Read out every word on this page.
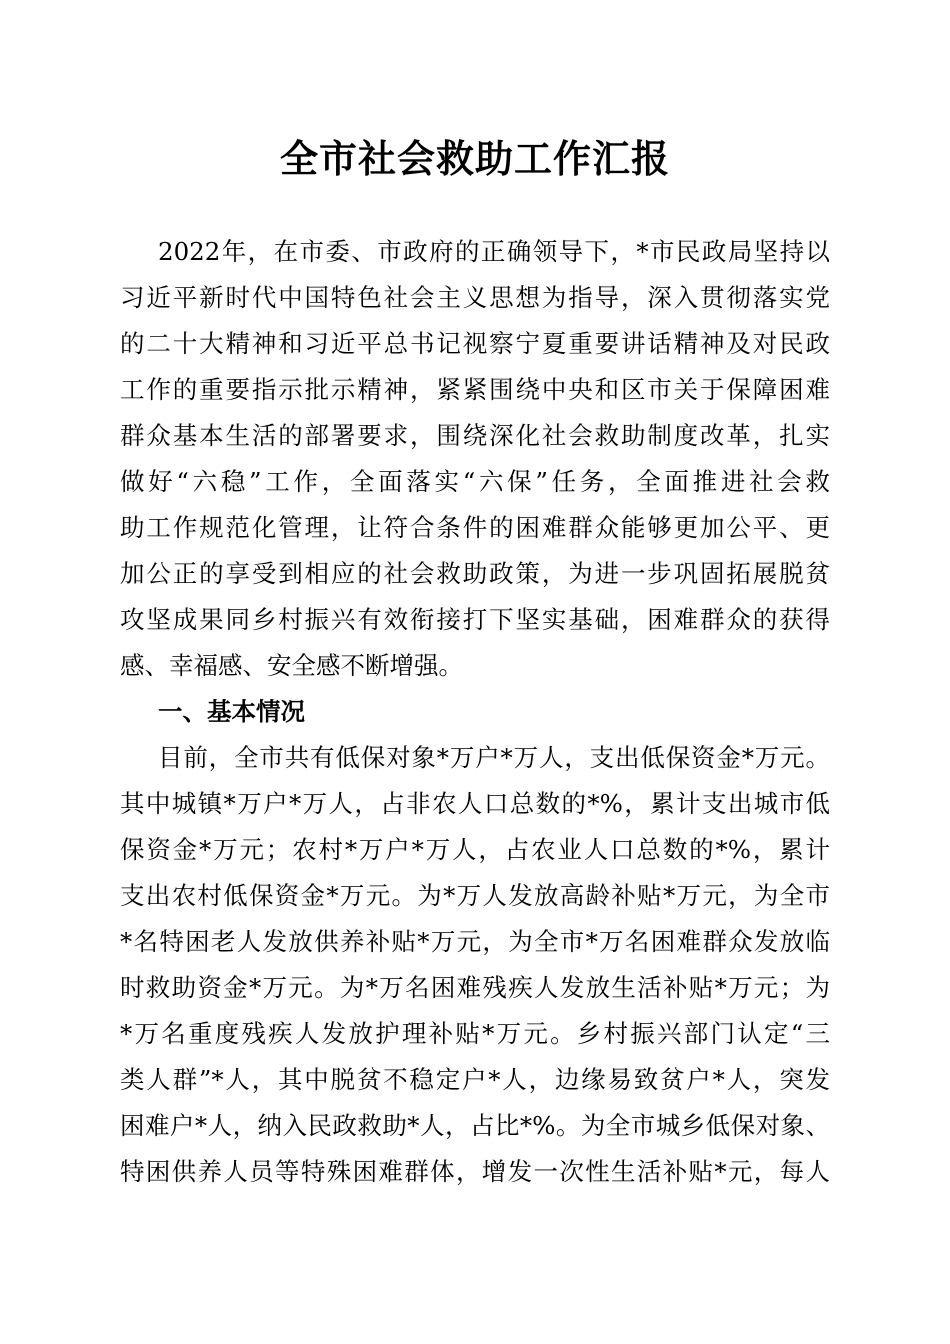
全市社会救助工作汇报
2022年，在市委、市政府的正确领导下，*市民政局坚持以
习近平新时代中国特色社会主义思想为指导，深入贯彻落实党
的二十大精神和习近平总书记视察宁夏重要讲话精神及对民政
工作的重要指示批示精神，紧紧围绕中央和区市关于保障困难
群众基本生活的部署要求，围绕深化社会救助制度改革，扎实
做好“六稳”工作，全面落实“六保”任务，全面推进社会救
助工作规范化管理，让符合条件的困难群众能够更加公平、更
加公正的享受到相应的社会救助政策，为进一步巩固拓展脱贫
攻坚成果同乡村振兴有效衔接打下坚实基础，困难群众的获得
感、幸福感、安全感不断增强。
一、基本情况
目前，全市共有低保对象*万户*万人，支出低保资金*万元。
其中城镇*万户*万人，占非农人口总数的*%，累计支出城市低
保资金*万元；农村*万户*万人，占农业人口总数的*%，累计
支出农村低保资金*万元。为*万人发放高龄补贴*万元，为全市
*名特困老人发放供养补贴*万元，为全市*万名困难群众发放临
时救助资金*万元。为*万名困难残疾人发放生活补贴*万元；为
*万名重度残疾人发放护理补贴*万元。乡村振兴部门认定“三
类人群”*人，其中脱贫不稳定户*人，边缘易致贫户*人，突发
困难户*人，纳入民政救助*人，占比*%。为全市城乡低保对象、
特困供养人员等特殊困难群体，增发一次性生活补贴*元，每人
